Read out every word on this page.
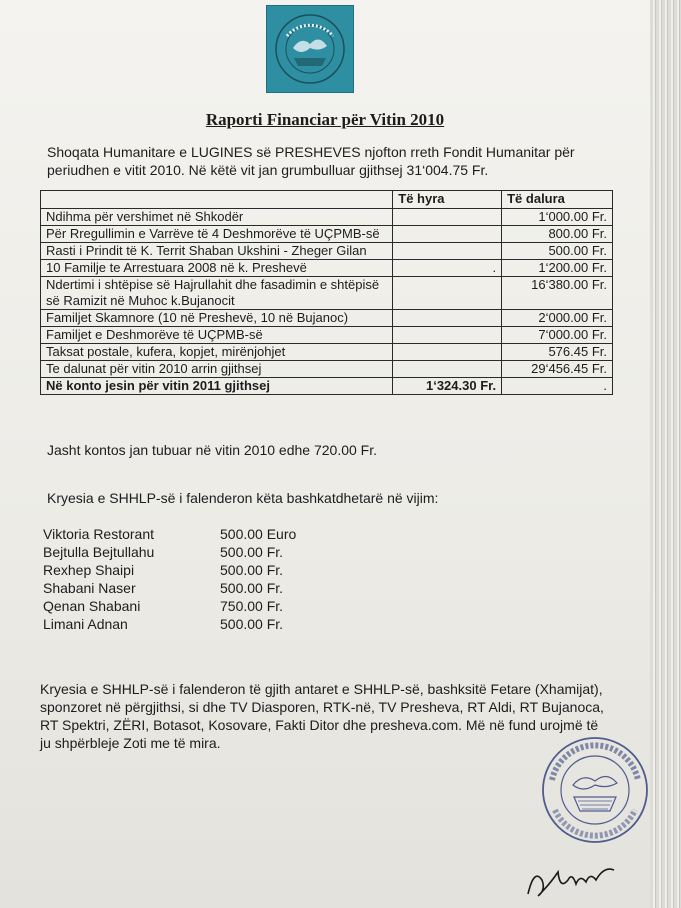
Raporti Financiar për Vitin 2010
Shoqata Humanitare e LUGINES së PRESHEVES njofton rreth Fondit Humanitar për periudhen e vitit 2010. Në këtë vit jan grumbulluar gjithsej 31‘004.75 Fr.
	Të hyra	Të dalura
Ndihma për vershimet në Shkodër		1‘000.00 Fr.
Për Rregullimin e Varrëve të 4 Deshmorëve të UÇPMB-së		800.00 Fr.
Rasti i Prindit të K. Territ Shaban Ukshini - Zheger Gilan		500.00 Fr.
10 Familje te Arrestuara 2008 në k. Preshevë	.	1‘200.00 Fr.
Ndertimi i shtëpise së Hajrullahit dhe fasadimin e shtëpisë së Ramizit në Muhoc k.Bujanocit		16‘380.00 Fr.
Familjet Skamnore (10 në Preshevë, 10 në Bujanoc)		2‘000.00 Fr.
Familjet e Deshmorëve të UÇPMB-së		7‘000.00 Fr.
Taksat postale, kufera, kopjet, mirënjohjet		576.45 Fr.
Te dalunat për vitin 2010 arrin gjithsej		29‘456.45 Fr.
Në konto jesin për vitin 2011 gjithsej	1‘324.30 Fr.	.
Jasht kontos jan tubuar në vitin 2010 edhe 720.00 Fr.
Kryesia e SHHLP-së i falenderon këta bashkatdhetarë në vijim:
Viktoria Restorant	500.00 Euro
Bejtulla Bejtullahu	500.00 Fr.
Rexhep Shaipi	500.00 Fr.
Shabani Naser	500.00 Fr.
Qenan Shabani	750.00 Fr.
Limani Adnan	500.00 Fr.
Kryesia e SHHLP-së i falenderon të gjith antaret e SHHLP-së, bashksitë Fetare (Xhamijat), sponzoret në përgjithsi, si dhe TV Diasporen, RTK-në, TV Presheva, RT Aldi, RT Bujanoca, RT Spektri, ZËRI, Botasot, Kosovare, Fakti Ditor dhe presheva.com. Më në fund urojmë të ju shpërbleje Zoti me të mira.
